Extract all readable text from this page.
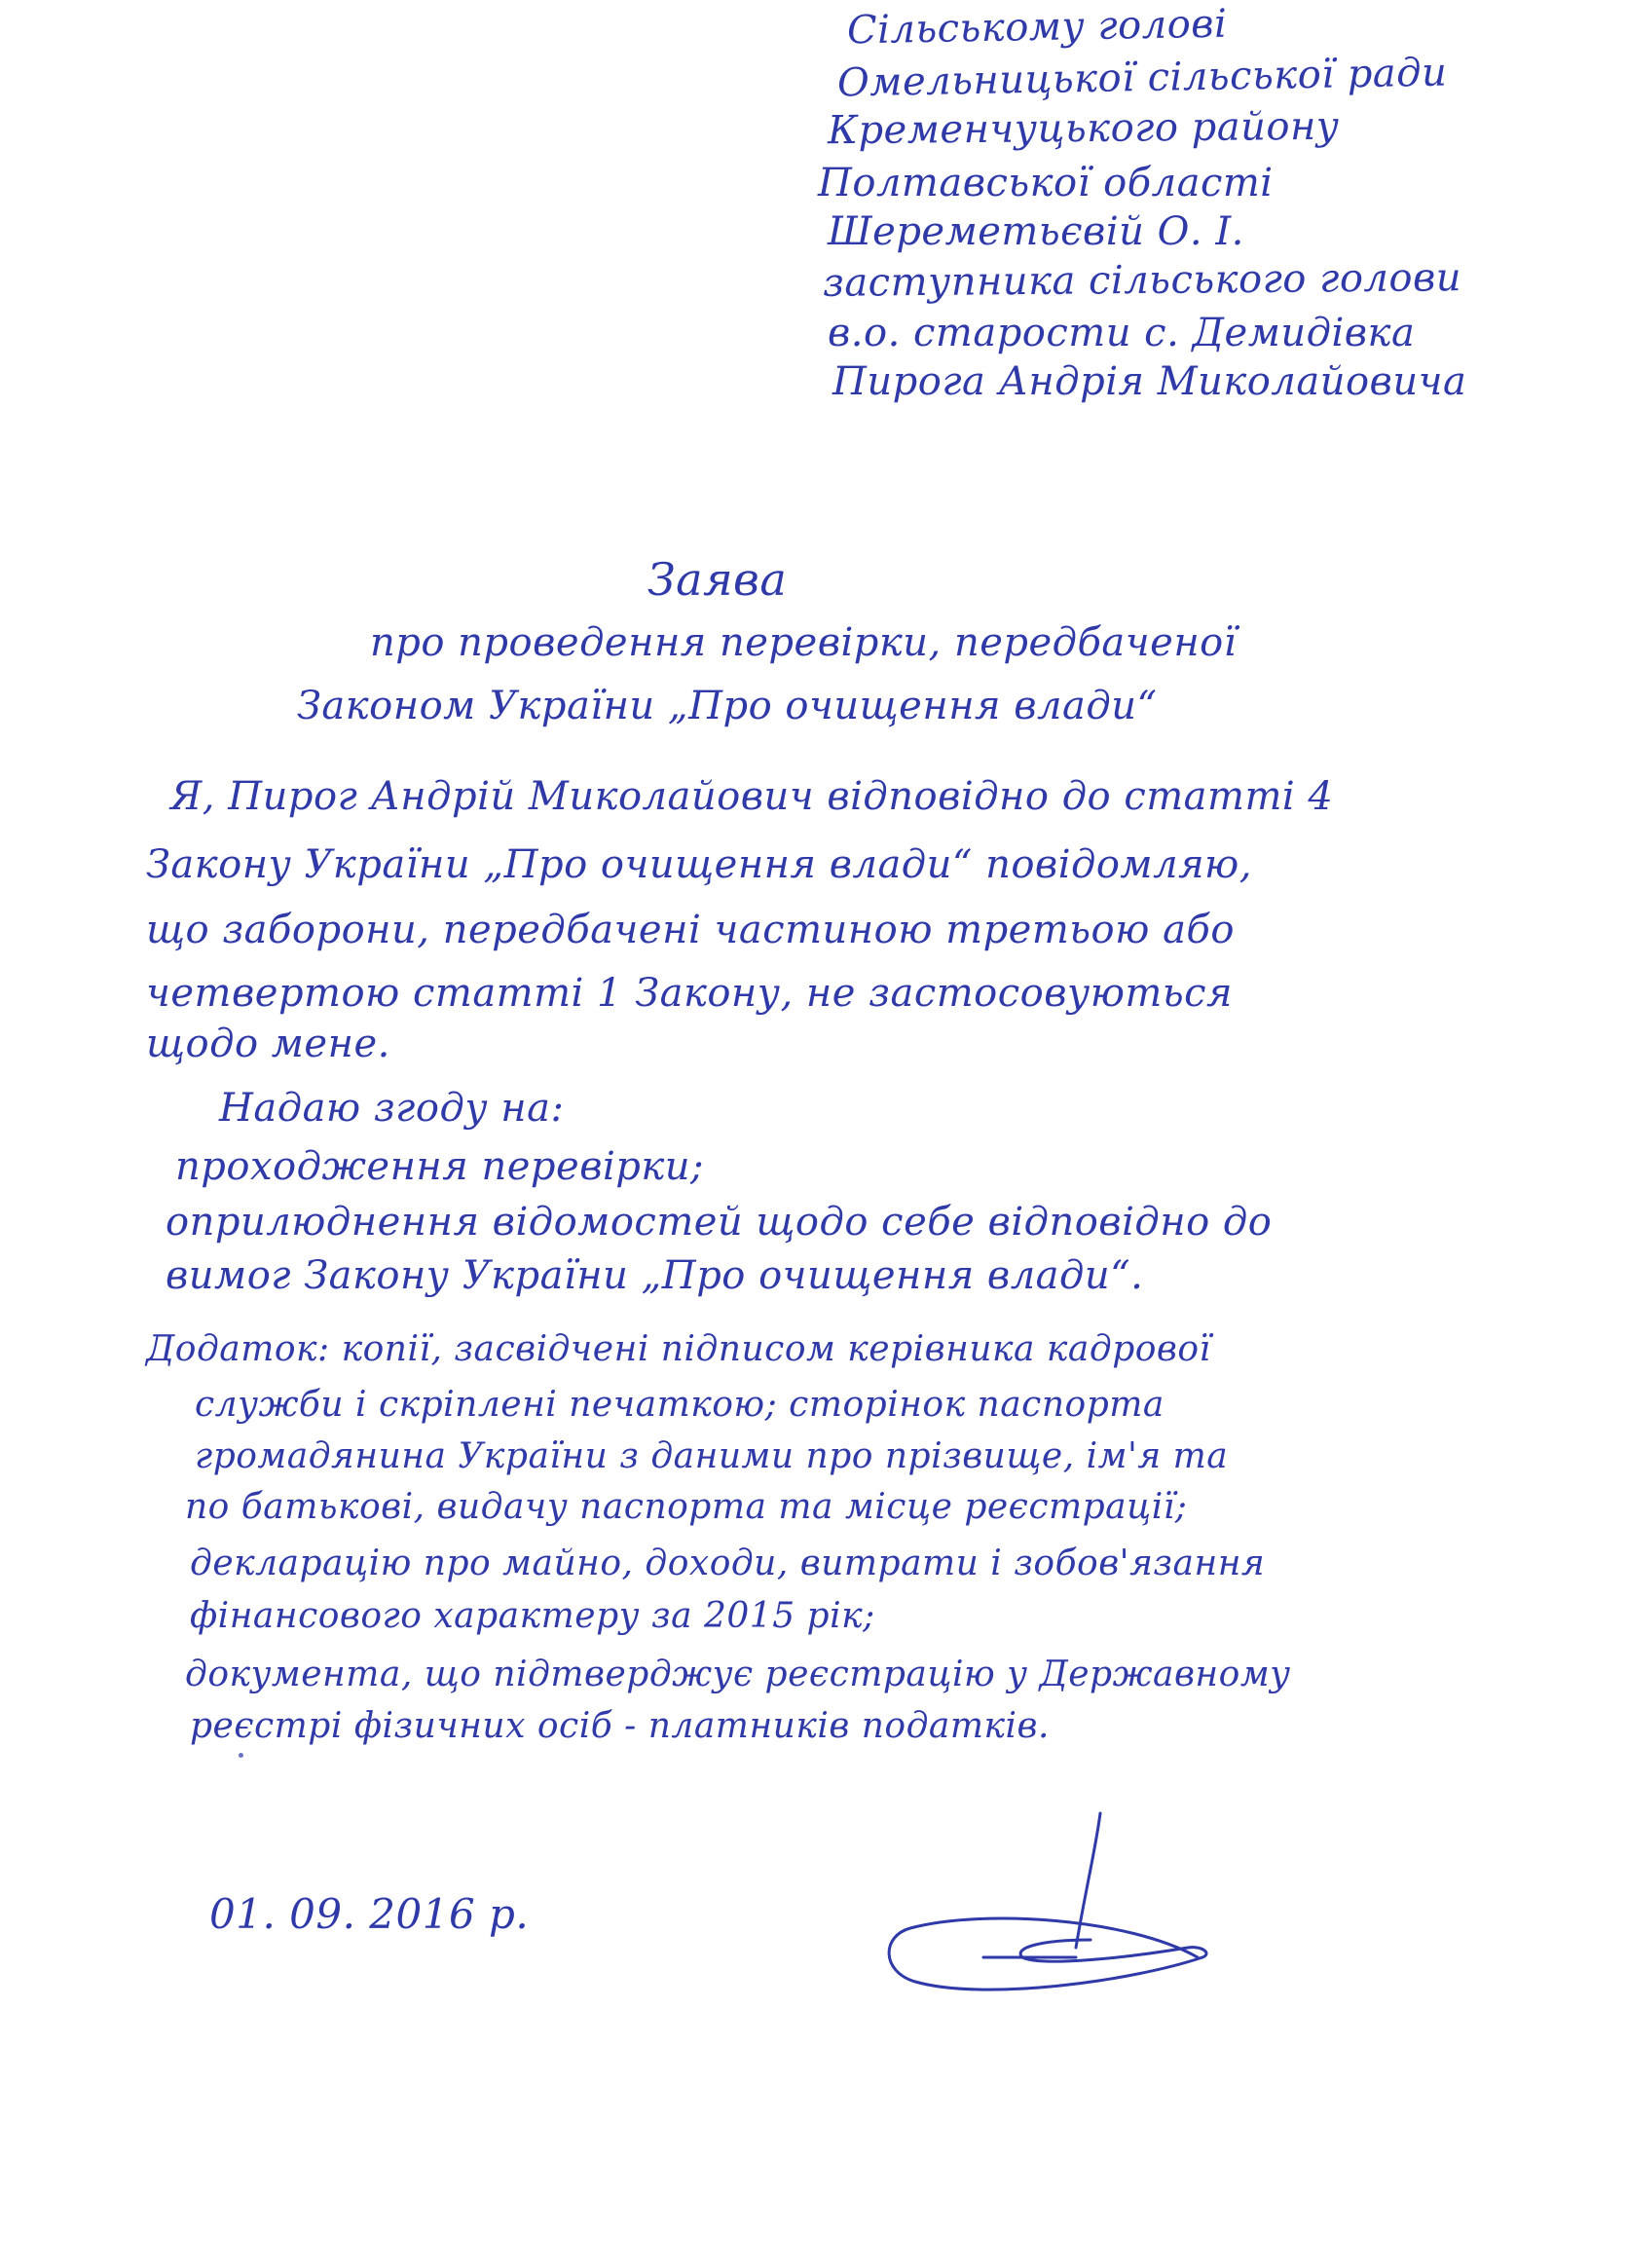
Сільському голові
Омельницької сільської ради
Кременчуцького району
Полтавської області
Шереметьєвій О. І.
заступника сільського голови
в.о. старости с. Демидівка
Пирога Андрія Миколайовича
Заява
про проведення перевірки, передбаченої
Законом України „Про очищення влади“
Я, Пирог Андрій Миколайович відповідно до статті 4
Закону України „Про очищення влади“ повідомляю,
що заборони, передбачені частиною третьою або
четвертою статті 1 Закону, не застосовуються
щодо мене.
Надаю згоду на:
проходження перевірки;
оприлюднення відомостей щодо себе відповідно до
вимог Закону України „Про очищення влади“.
Додаток: копії, засвідчені підписом керівника кадрової
служби і скріплені печаткою; сторінок паспорта
громадянина України з даними про прізвище, ім'я та
по батькові, видачу паспорта та місце реєстрації;
декларацію про майно, доходи, витрати і зобов'язання
фінансового характеру за 2015 рік;
документа, що підтверджує реєстрацію у Державному
реєстрі фізичних осіб - платників податків.
01. 09. 2016 р.
